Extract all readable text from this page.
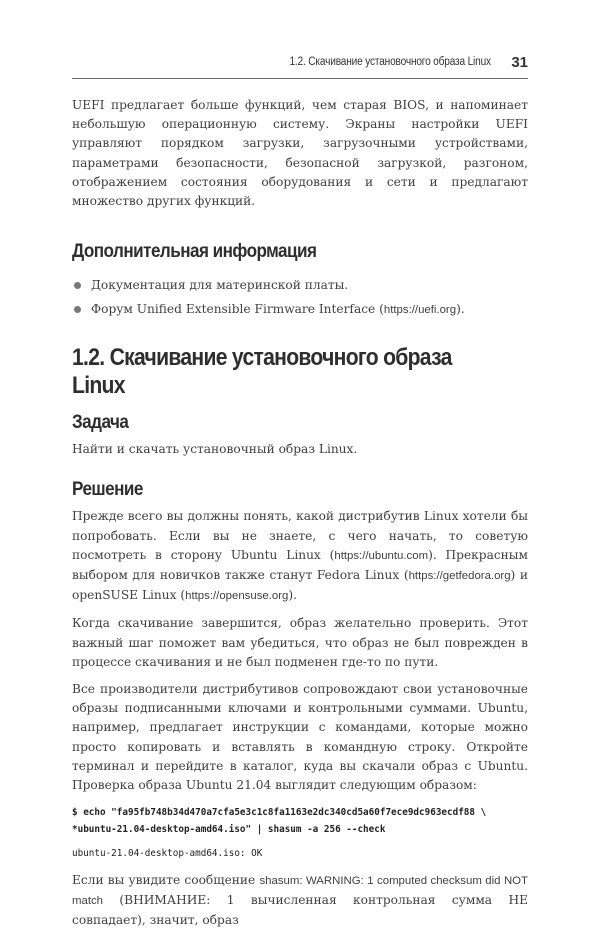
1.2. Скачивание установочного образа Linux 31

UEFI предлагает больше функций, чем старая BIOS, и напоминает небольшую операционную систему. Экраны настройки UEFI управляют порядком загрузки, загрузочными устройствами, параметрами безопасности, безопасной загрузкой, разгоном, отображением состояния оборудования и сети и предлагают множество других функций.

Дополнительная информация
Документация для материнской платы.
Форум Unified Extensible Firmware Interface (https://uefi.org).
1.2. Скачивание установочного образа Linux
Задача

Найти и скачать установочный образ Linux.

Решение

Прежде всего вы должны понять, какой дистрибутив Linux хотели бы попробовать. Если вы не знаете, с чего начать, то советую посмотреть в сторону Ubuntu Linux (https://ubuntu.com). Прекрасным выбором для новичков также станут Fedora Linux (https://getfedora.org) и openSUSE Linux (https://opensuse.org).

Когда скачивание завершится, образ желательно проверить. Этот важный шаг поможет вам убедиться, что образ не был поврежден в процессе скачивания и не был подменен где-то по пути.

Все производители дистрибутивов сопровождают свои установочные образы подписанными ключами и контрольными суммами. Ubuntu, например, предлагает инструкции с командами, которые можно просто копировать и вставлять в командную строку. Откройте терминал и перейдите в каталог, куда вы скачали образ с Ubuntu. Проверка образа Ubuntu 21.04 выглядит следующим образом:

$ echo "fa95fb748b34d470a7cfa5e3c1c8fa1163e2dc340cd5a60f7ece9dc963ecdf88 \
*ubuntu-21.04-desktop-amd64.iso" | shasum -a 256 --check
ubuntu-21.04-desktop-amd64.iso: OK

Если вы увидите сообщение shasum: WARNING: 1 computed checksum did NOT match (ВНИМАНИЕ: 1 вычисленная контрольная сумма НЕ совпадает), значит, образ
